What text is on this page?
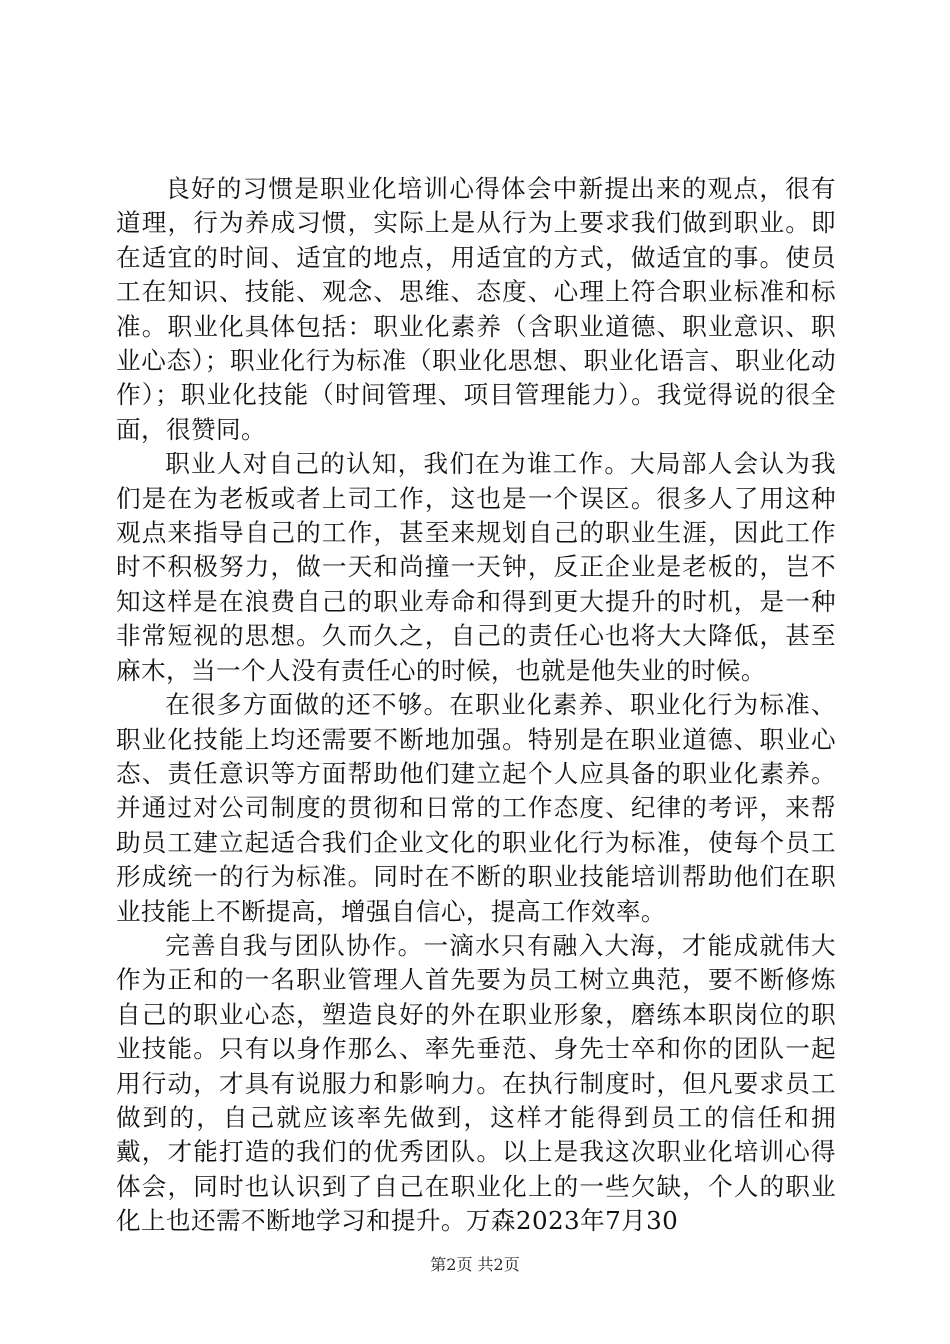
良好的习惯是职业化培训心得体会中新提出来的观点，很有道理，行为养成习惯，实际上是从行为上要求我们做到职业。即在适宜的时间、适宜的地点，用适宜的方式，做适宜的事。使员工在知识、技能、观念、思维、态度、心理上符合职业标准和标准。职业化具体包括：职业化素养（含职业道德、职业意识、职业心态）；职业化行为标准（职业化思想、职业化语言、职业化动作）；职业化技能（时间管理、项目管理能力）。我觉得说的很全面，很赞同。

职业人对自己的认知，我们在为谁工作。大局部人会认为我们是在为老板或者上司工作，这也是一个误区。很多人了用这种观点来指导自己的工作，甚至来规划自己的职业生涯，因此工作时不积极努力，做一天和尚撞一天钟，反正企业是老板的，岂不知这样是在浪费自己的职业寿命和得到更大提升的时机，是一种非常短视的思想。久而久之，自己的责任心也将大大降低，甚至麻木，当一个人没有责任心的时候，也就是他失业的时候。

在很多方面做的还不够。在职业化素养、职业化行为标准、职业化技能上均还需要不断地加强。特别是在职业道德、职业心态、责任意识等方面帮助他们建立起个人应具备的职业化素养。并通过对公司制度的贯彻和日常的工作态度、纪律的考评，来帮助员工建立起适合我们企业文化的职业化行为标准，使每个员工形成统一的行为标准。同时在不断的职业技能培训帮助他们在职业技能上不断提高，增强自信心，提高工作效率。

完善自我与团队协作。一滴水只有融入大海，才能成就伟大作为正和的一名职业管理人首先要为员工树立典范，要不断修炼自己的职业心态，塑造良好的外在职业形象，磨练本职岗位的职业技能。只有以身作那么、率先垂范、身先士卒和你的团队一起用行动，才具有说服力和影响力。在执行制度时，但凡要求员工做到的，自己就应该率先做到，这样才能得到员工的信任和拥戴，才能打造的我们的优秀团队。以上是我这次职业化培训心得体会，同时也认识到了自己在职业化上的一些欠缺，个人的职业化上也还需不断地学习和提升。万森2023年7月30

第2页 共2页
